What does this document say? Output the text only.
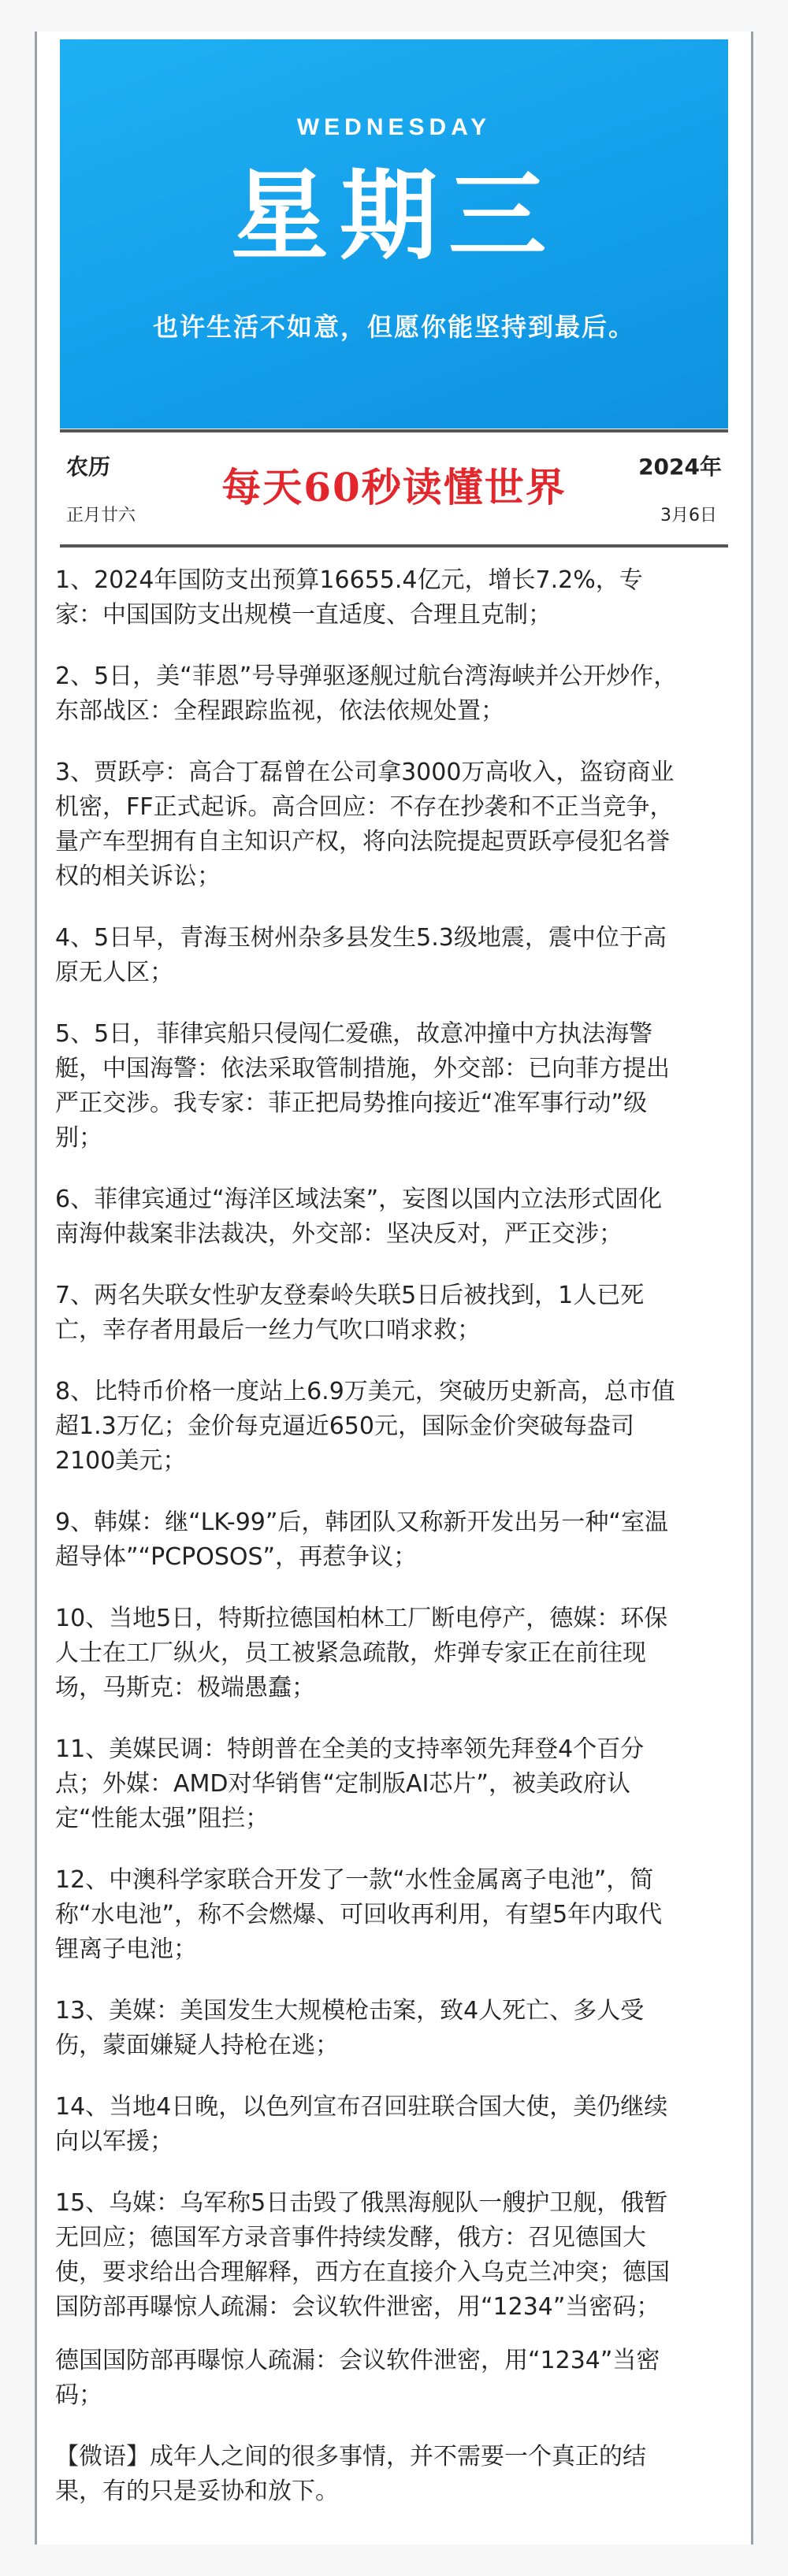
WEDNESDAY
星期三
也许生活不如意，但愿你能坚持到最后。
农历
正月廿六
每天60秒读懂世界	2024年
3月6日

1、2024年国防支出预算16655.4亿元，增长7.2%，专家：中国国防支出规模一直适度、合理且克制；

2、5日，美“菲恩”号导弹驱逐舰过航台湾海峡并公开炒作，东部战区：全程跟踪监视，依法依规处置；

3、贾跃亭：高合丁磊曾在公司拿3000万高收入，盗窃商业机密，FF正式起诉。高合回应：不存在抄袭和不正当竞争，量产车型拥有自主知识产权，将向法院提起贾跃亭侵犯名誉权的相关诉讼；

4、5日早，青海玉树州杂多县发生5.3级地震，震中位于高原无人区；

5、5日，菲律宾船只侵闯仁爱礁，故意冲撞中方执法海警艇，中国海警：依法采取管制措施，外交部：已向菲方提出严正交涉。我专家：菲正把局势推向接近“准军事行动”级别；

6、菲律宾通过“海洋区域法案”，妄图以国内立法形式固化南海仲裁案非法裁决，外交部：坚决反对，严正交涉；

7、两名失联女性驴友登秦岭失联5日后被找到，1人已死亡，幸存者用最后一丝力气吹口哨求救；

8、比特币价格一度站上6.9万美元，突破历史新高，总市值超1.3万亿；金价每克逼近650元，国际金价突破每盎司2100美元；

9、韩媒：继“LK-99”后，韩团队又称新开发出另一种“室温超导体”“PCPOSOS”，再惹争议；

10、当地5日，特斯拉德国柏林工厂断电停产，德媒：环保人士在工厂纵火，员工被紧急疏散，炸弹专家正在前往现场，马斯克：极端愚蠢；

11、美媒民调：特朗普在全美的支持率领先拜登4个百分点；外媒：AMD对华销售“定制版AI芯片”，被美政府认定“性能太强”阻拦；

12、中澳科学家联合开发了一款“水性金属离子电池”，简称“水电池”，称不会燃爆、可回收再利用，有望5年内取代锂离子电池；

13、美媒：美国发生大规模枪击案，致4人死亡、多人受伤，蒙面嫌疑人持枪在逃；

14、当地4日晚，以色列宣布召回驻联合国大使，美仍继续向以军援；

15、乌媒：乌军称5日击毁了俄黑海舰队一艘护卫舰，俄暂无回应；德国军方录音事件持续发酵，俄方：召见德国大使，要求给出合理解释，西方在直接介入乌克兰冲突；德国国防部再曝惊人疏漏：会议软件泄密，用“1234”当密码；

德国国防部再曝惊人疏漏：会议软件泄密，用“1234”当密码；

【微语】成年人之间的很多事情，并不需要一个真正的结果，有的只是妥协和放下。
